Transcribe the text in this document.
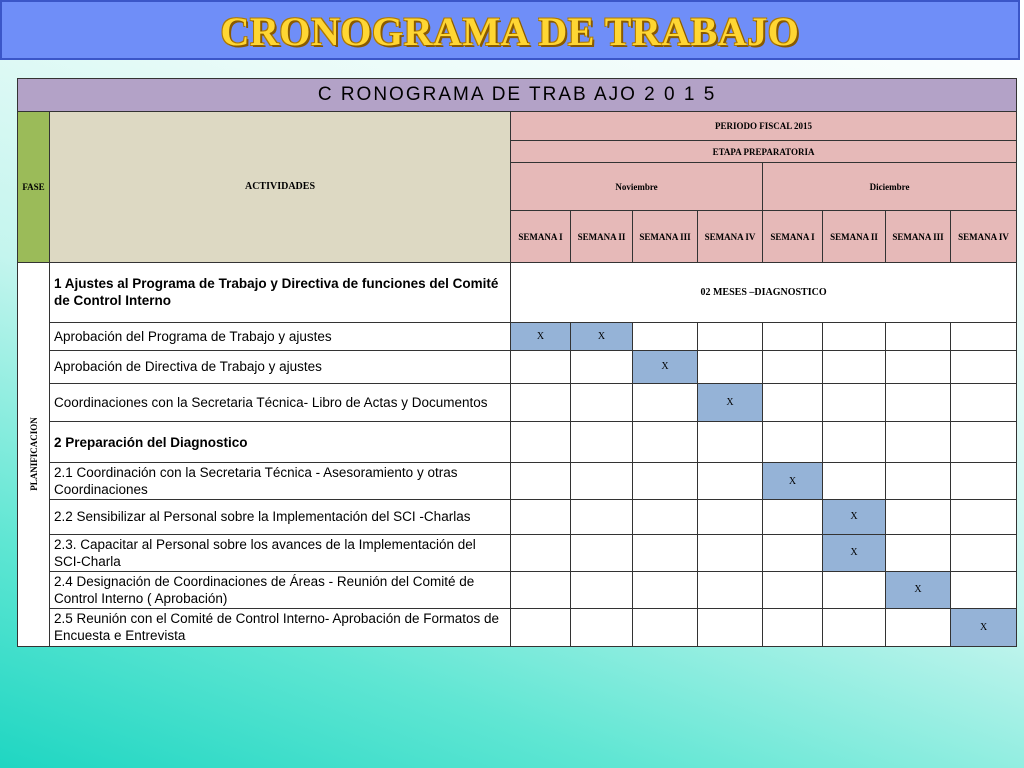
CRONOGRAMA DE TRABAJO
C RONOGRAMA DE TRAB AJO 2 0 1 5									
FASE	ACTIVIDADES	PERIODO FISCAL 2015							
		ETAPA PREPARATORIA							
		Noviembre				Diciembre			
		SEMANA I	SEMANA II	SEMANA III	SEMANA IV	SEMANA I	SEMANA II	SEMANA III	SEMANA IV

PLANIFICACION	1 Ajustes al Programa de Trabajo y Directiva de funciones del Comité de Control Interno	02 MESES –DIAGNOSTICO							
	Aprobación del Programa de Trabajo y ajustes	X	X						
	Aprobación de Directiva de Trabajo y ajustes			X					
	Coordinaciones con la Secretaria Técnica- Libro de Actas y Documentos				X				
	2 Preparación del Diagnostico								
	2.1 Coordinación con la Secretaria Técnica - Asesoramiento y otras Coordinaciones					X			
	2.2 Sensibilizar al Personal sobre la Implementación del SCI -Charlas						X		
	2.3. Capacitar al Personal sobre los avances de la Implementación del SCI-Charla						X		
	2.4 Designación de Coordinaciones de Áreas - Reunión del Comité de Control Interno ( Aprobación)							X	
	2.5 Reunión con el Comité de Control Interno- Aprobación de Formatos de Encuesta e Entrevista								X
